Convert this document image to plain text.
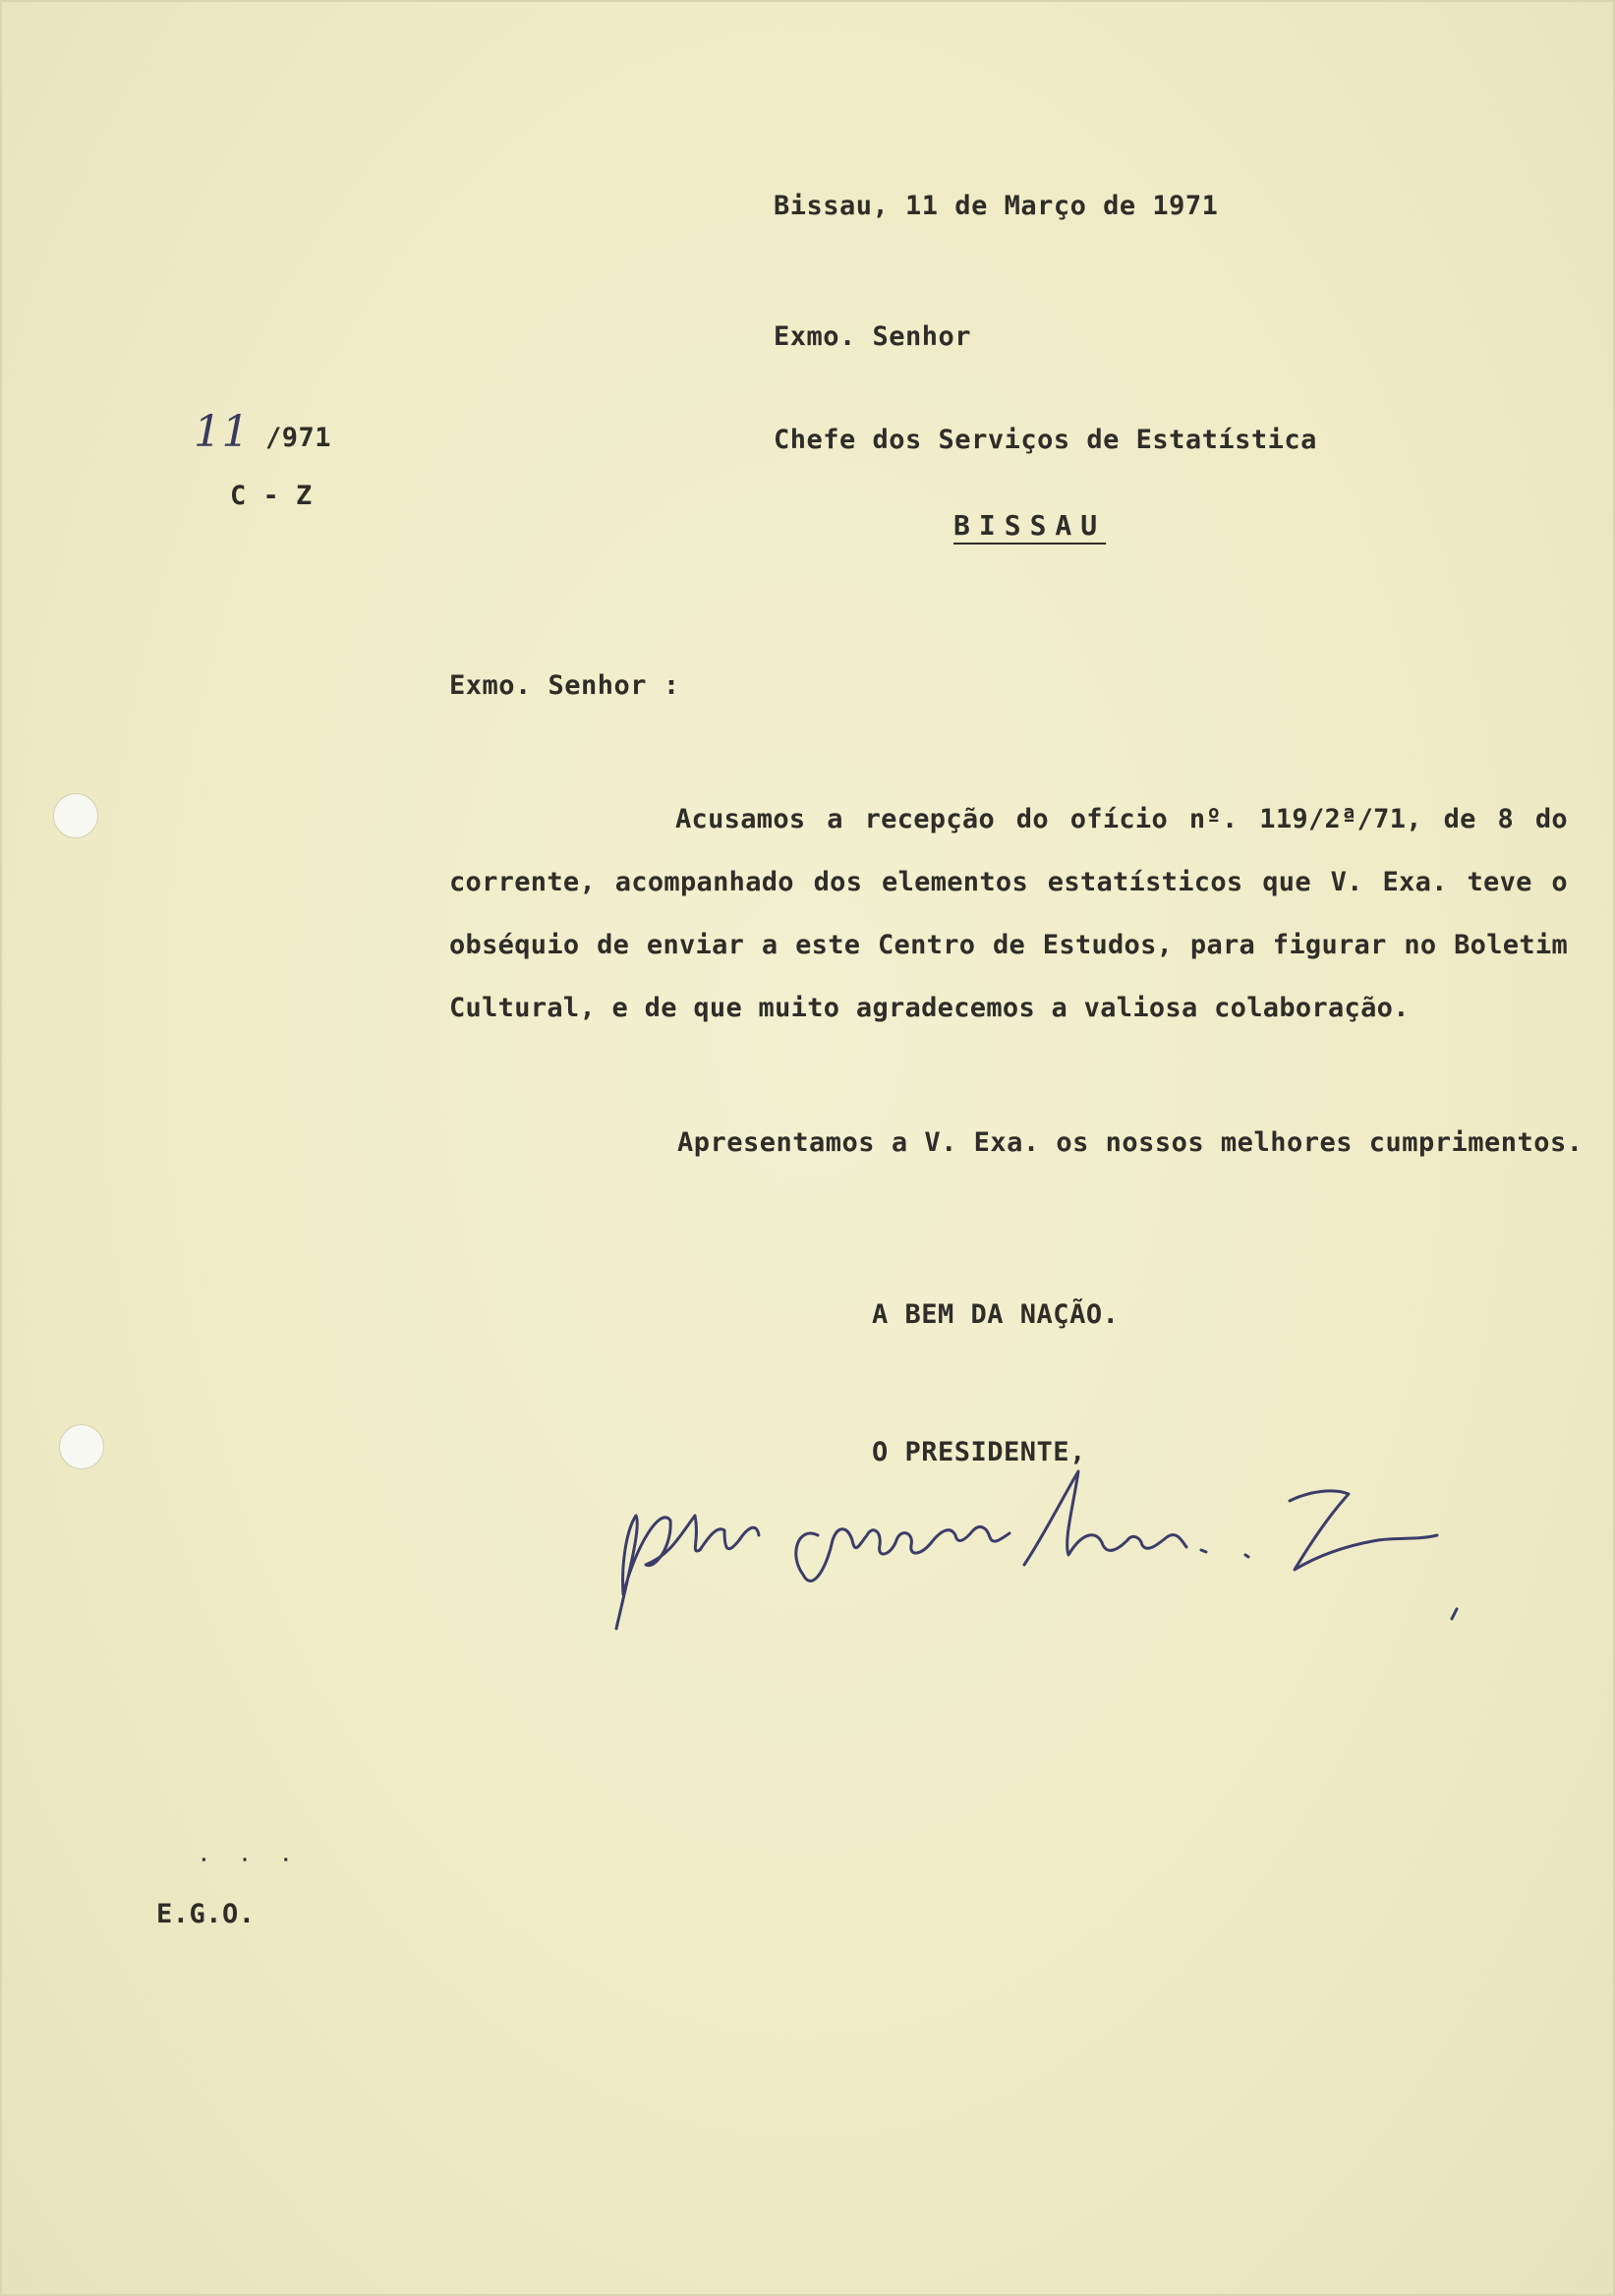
Bissau, 11 de Março de 1971
Exmo. Senhor
Chefe dos Serviços de Estatística
BISSAU
11 /971
C - Z
Exmo. Senhor :
Acusamos a recepção do ofício nº. 119/2ª/71, de 8 do corrente, acompanhado dos elementos estatísticos que V. Exa. teve o obséquio de enviar a este Centro de Estudos, para figurar no Boletim Cultural, e de que muito agradecemos a valiosa colaboração.
Apresentamos a V. Exa. os nossos melhores cumprimentos.
A BEM DA NAÇÃO.
O PRESIDENTE,
· · ·
E.G.O.
